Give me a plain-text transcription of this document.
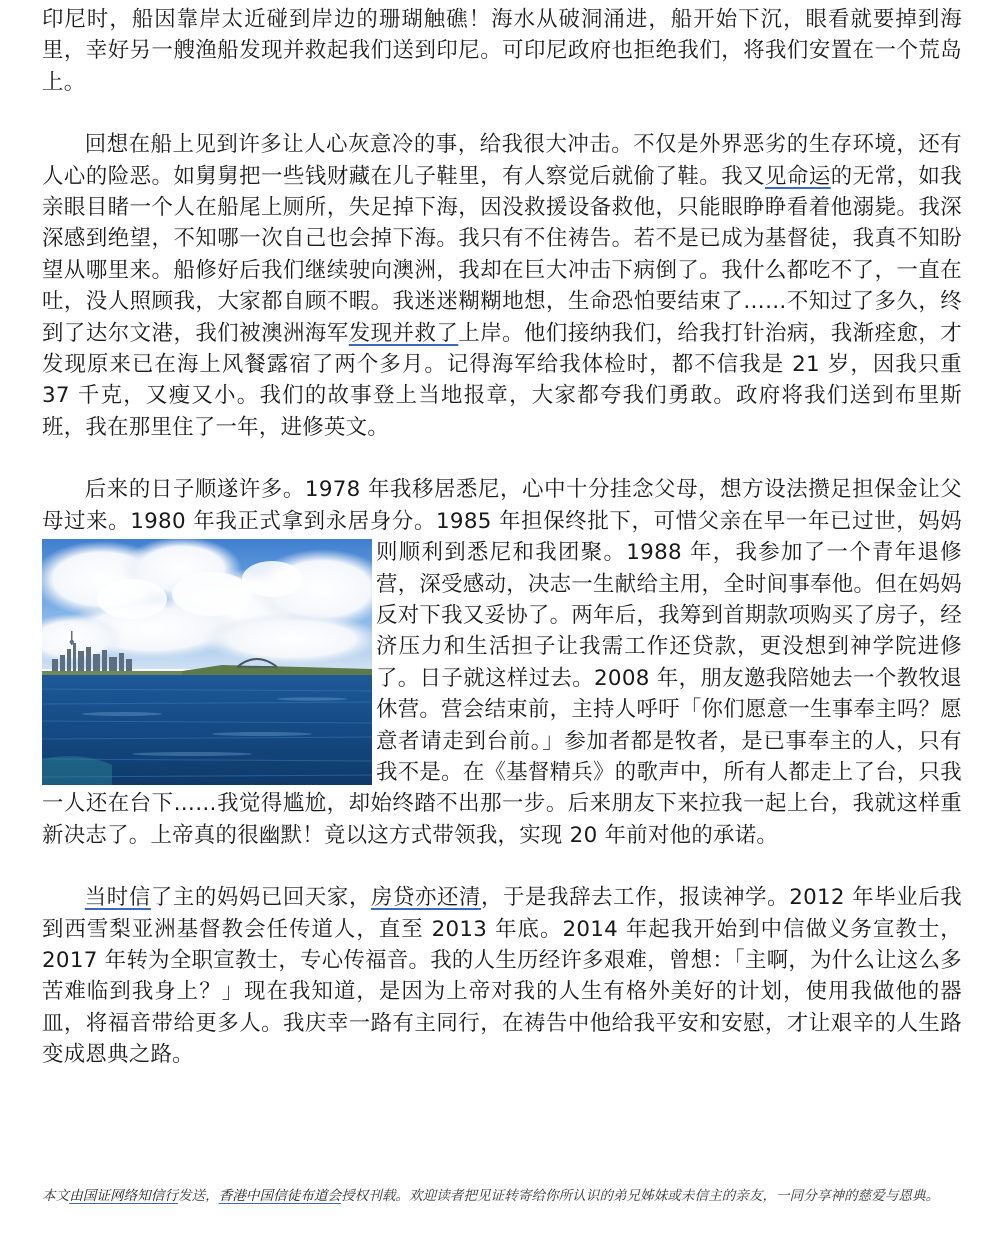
印尼时，船因靠岸太近碰到岸边的珊瑚触礁！海水从破洞涌进，船开始下沉，眼看就要掉到海里，幸好另一艘渔船发现并救起我们送到印尼。可印尼政府也拒绝我们，将我们安置在一个荒岛上。

回想在船上见到许多让人心灰意冷的事，给我很大冲击。不仅是外界恶劣的生存环境，还有人心的险恶。如舅舅把一些钱财藏在儿子鞋里，有人察觉后就偷了鞋。我又见命运的无常，如我亲眼目睹一个人在船尾上厕所，失足掉下海，因没救援设备救他，只能眼睁睁看着他溺毙。我深深感到绝望，不知哪一次自己也会掉下海。我只有不住祷告。若不是已成为基督徒，我真不知盼望从哪里来。船修好后我们继续驶向澳洲，我却在巨大冲击下病倒了。我什么都吃不了，一直在吐，没人照顾我，大家都自顾不暇。我迷迷糊糊地想，生命恐怕要结束了……不知过了多久，终到了达尔文港，我们被澳洲海军发现并救了上岸。他们接纳我们，给我打针治病，我渐痊愈，才发现原来已在海上风餐露宿了两个多月。记得海军给我体检时，都不信我是 21 岁，因我只重 37 千克，又瘦又小。我们的故事登上当地报章，大家都夸我们勇敢。政府将我们送到布里斯班，我在那里住了一年，进修英文。

后来的日子顺遂许多。1978 年我移居悉尼，心中十分挂念父母，想方设法攒足担保金让父母过来。1980 年我正式拿到永居身分。1985 年担保终批下，可惜父亲在早
一年已过世，妈妈则顺利到悉尼和我团聚。1988 年，我参加了一个青年退修营，深受感动，决志一生献给主用，全时间事奉他。但在妈妈反对下我又妥协了。两年后，我筹到首期款项购买了房子，经济压力和生活担子让我需工作还贷款，更没想到神学院进修了。日子就这样过去。2008 年，朋友邀我陪她去一个教牧退休营。营会结束前，主持人呼吁「你们愿意一生事奉主吗？愿意者请走到台前。」参加者都是牧者，是已事奉主的人，只有我不是。在《基督精兵》的歌声中，所有人都走上了台，只我一人还在台下……我觉得尴尬，却始终踏不出那一步。后来朋友下来拉我一起上台，我就这样重新决志了。上帝真的很幽默！竟以这方式带领我，实现 20 年前对他的承诺。

当时信了主的妈妈已回天家，房贷亦还清，于是我辞去工作，报读神学。2012 年毕业后我到西雪梨亚洲基督教会任传道人，直至 2013 年底。2014 年起我开始到中信做义务宣教士，2017 年转为全职宣教士，专心传福音。我的人生历经许多艰难，曾想：「主啊，为什么让这么多苦难临到我身上？」现在我知道，是因为上帝对我的人生有格外美好的计划，使用我做他的器皿，将福音带给更多人。我庆幸一路有主同行，在祷告中他给我平安和安慰，才让艰辛的人生路变成恩典之路。

本文由国证网络知信行发送，香港中国信徒布道会授权刊载。欢迎读者把见证转寄给你所认识的弟兄姊妹或未信主的亲友，一同分享神的慈爱与恩典。
